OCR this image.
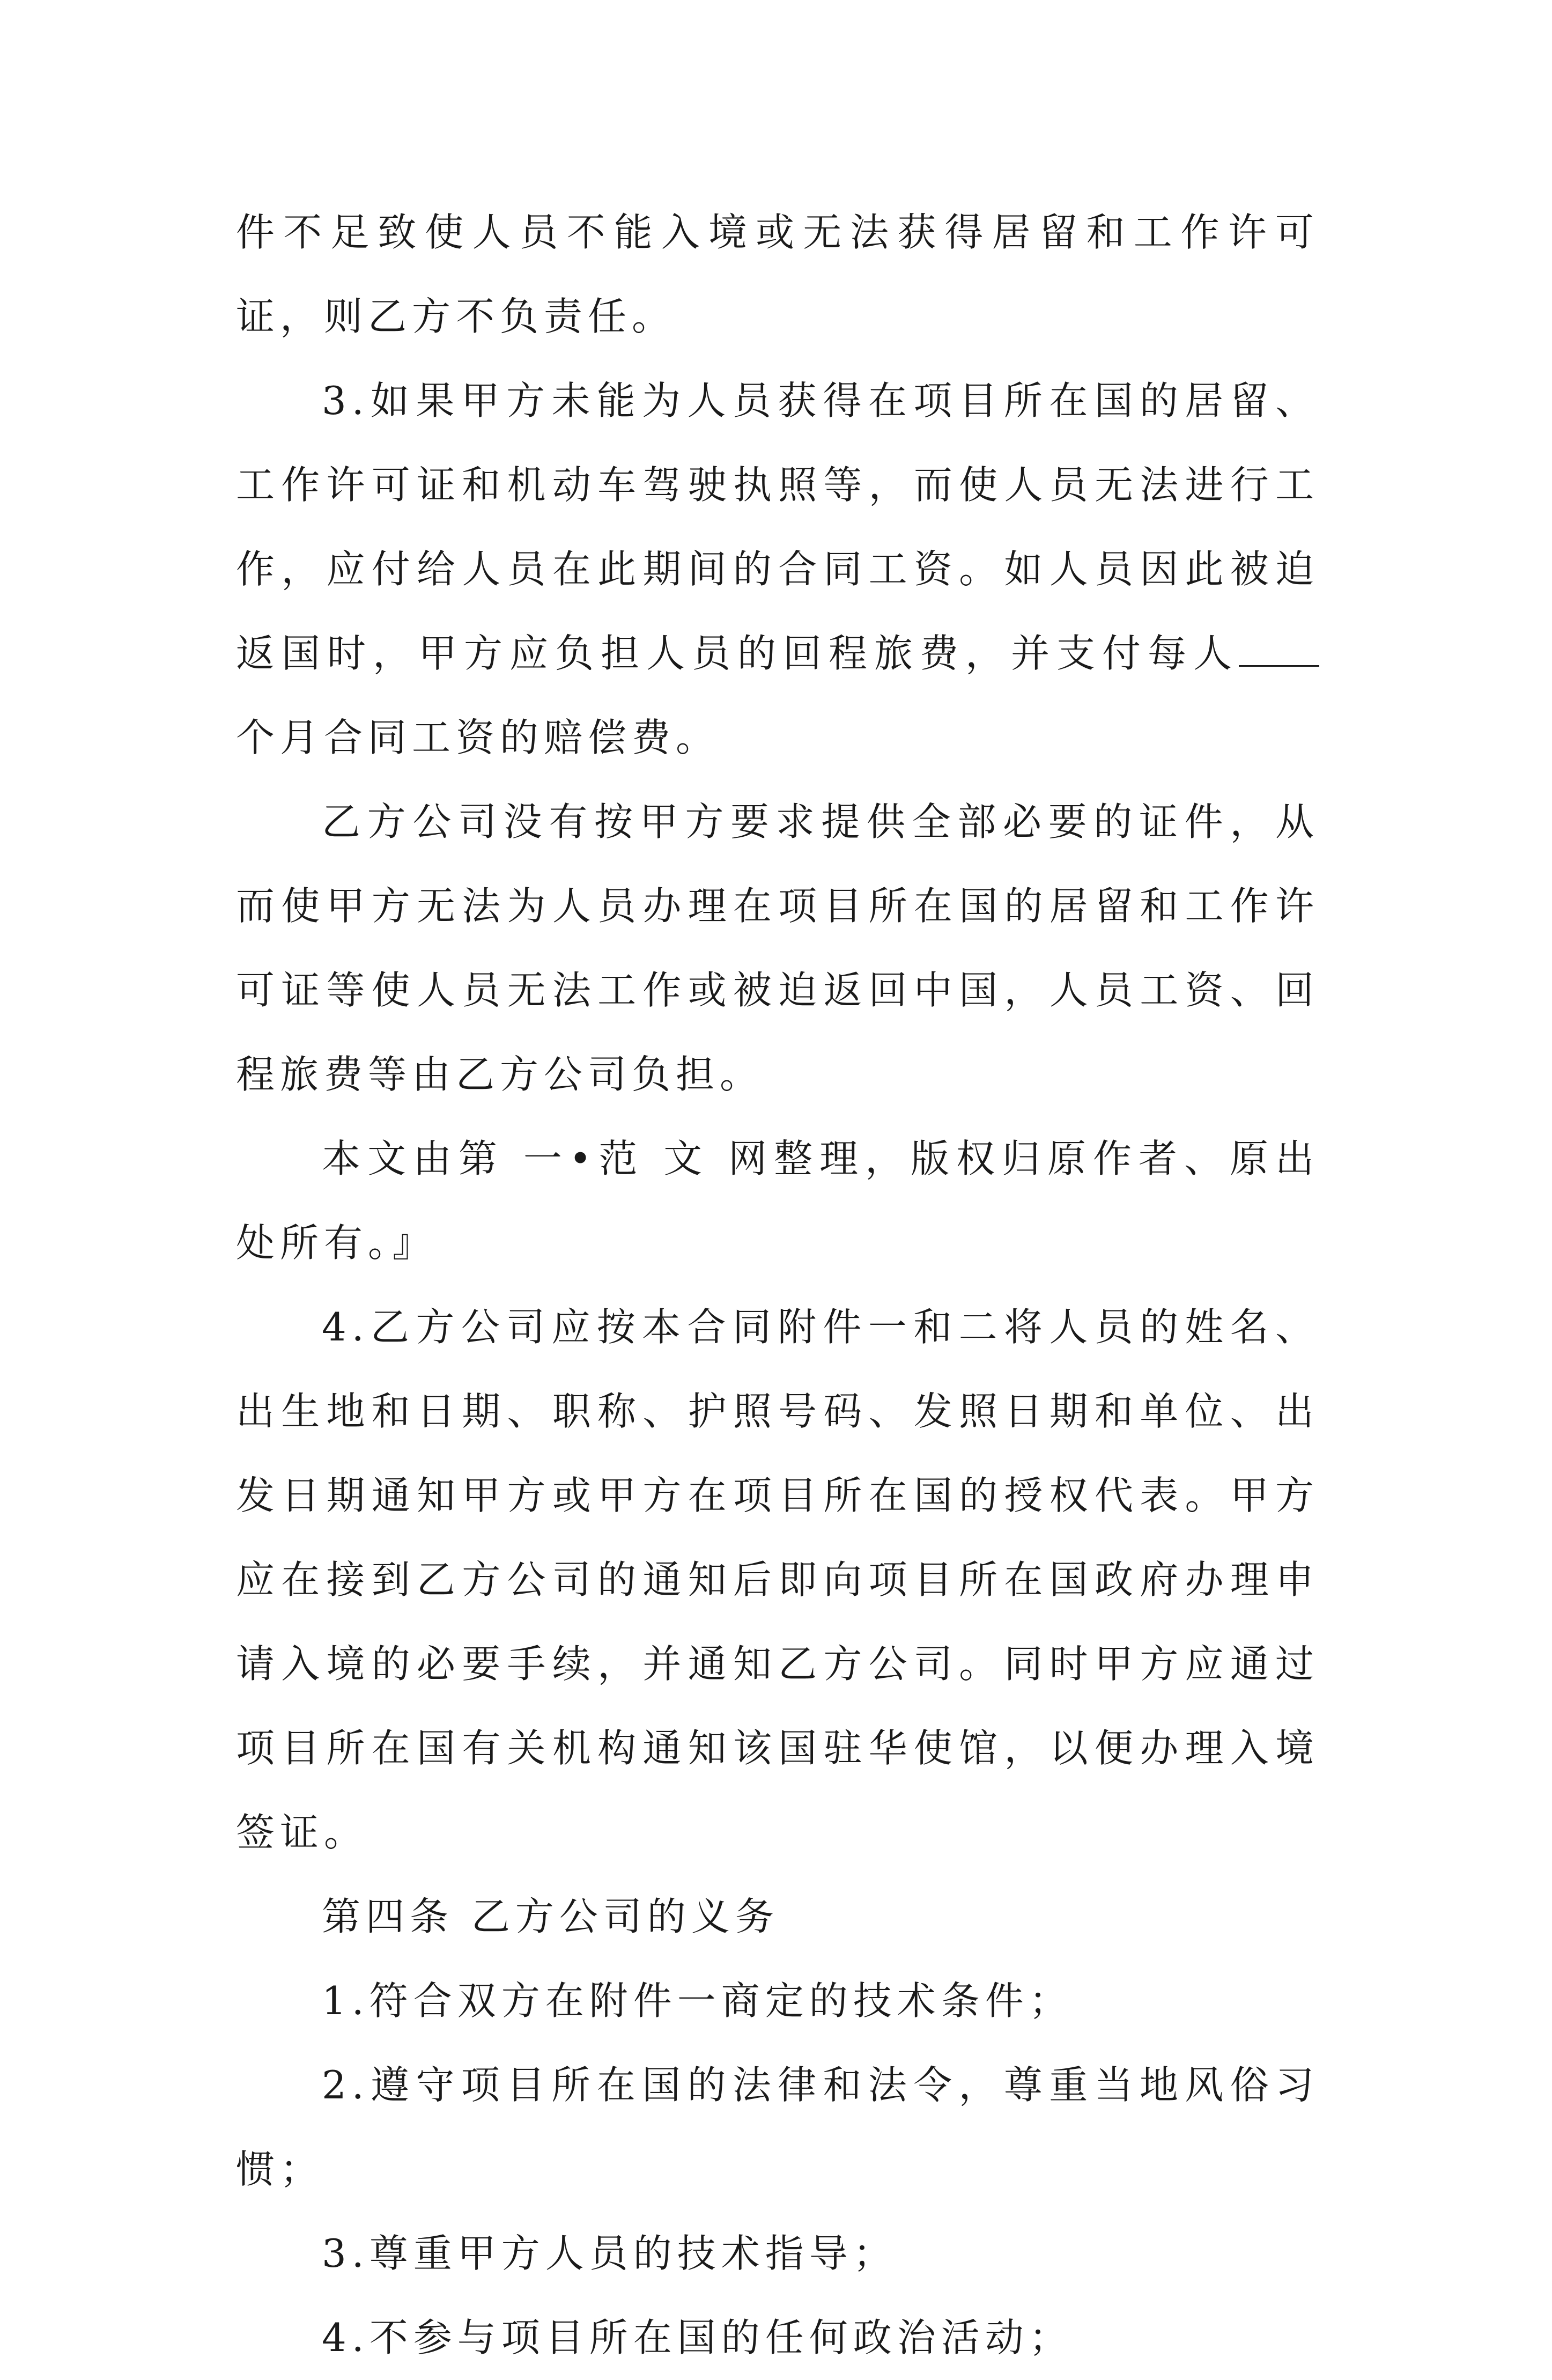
件不足致使人员不能入境或无法获得居留和工作许可证，则乙方不负责任。

3.如果甲方未能为人员获得在项目所在国的居留、工作许可证和机动车驾驶执照等，而使人员无法进行工作，应付给人员在此期间的合同工资。如人员因此被迫返国时，甲方应负担人员的回程旅费，并支付每人个月合同工资的赔偿费。

乙方公司没有按甲方要求提供全部必要的证件，从而使甲方无法为人员办理在项目所在国的居留和工作许可证等使人员无法工作或被迫返回中国，人员工资、回程旅费等由乙方公司负担。

本文由第 一•范 文 网整理，版权归原作者、原出处所有。』

4.乙方公司应按本合同附件一和二将人员的姓名、出生地和日期、职称、护照号码、发照日期和单位、出发日期通知甲方或甲方在项目所在国的授权代表。甲方应在接到乙方公司的通知后即向项目所在国政府办理申请入境的必要手续，并通知乙方公司。同时甲方应通过项目所在国有关机构通知该国驻华使馆，以便办理入境签证。

第四条 乙方公司的义务

1.符合双方在附件一商定的技术条件；

2.遵守项目所在国的法律和法令，尊重当地风俗习惯；

3.尊重甲方人员的技术指导；

4.不参与项目所在国的任何政治活动；
